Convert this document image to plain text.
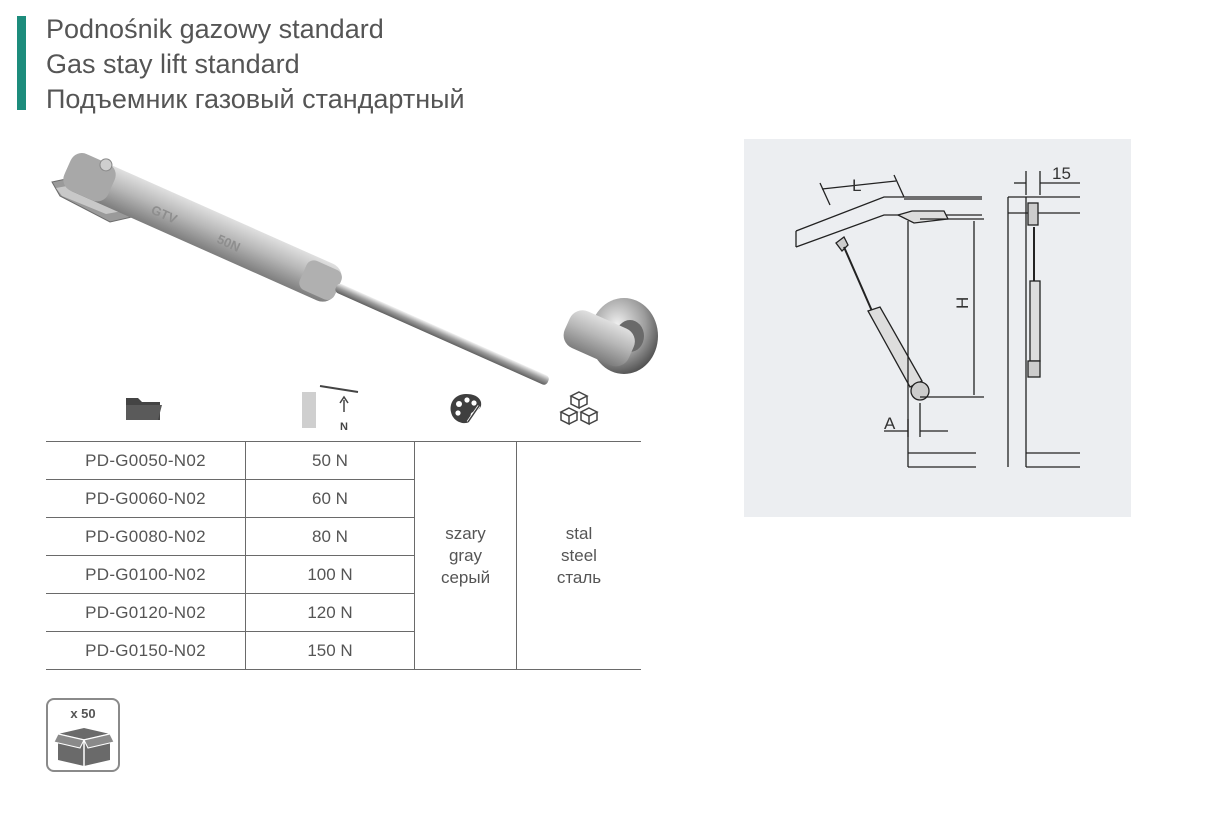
Podnośnik gazowy standard
Gas stay lift standard
Подъемник газовый стандартный
GTV
50N
N
PD-G0050-N02	50 N	szary
gray
серый	stal
steel
сталь

PD-G0060-N02	60 N		
PD-G0080-N02	80 N		
PD-G0100-N02	100 N		
PD-G0120-N02	120 N		
PD-G0150-N02	150 N		
x 50
L
H
A
15
